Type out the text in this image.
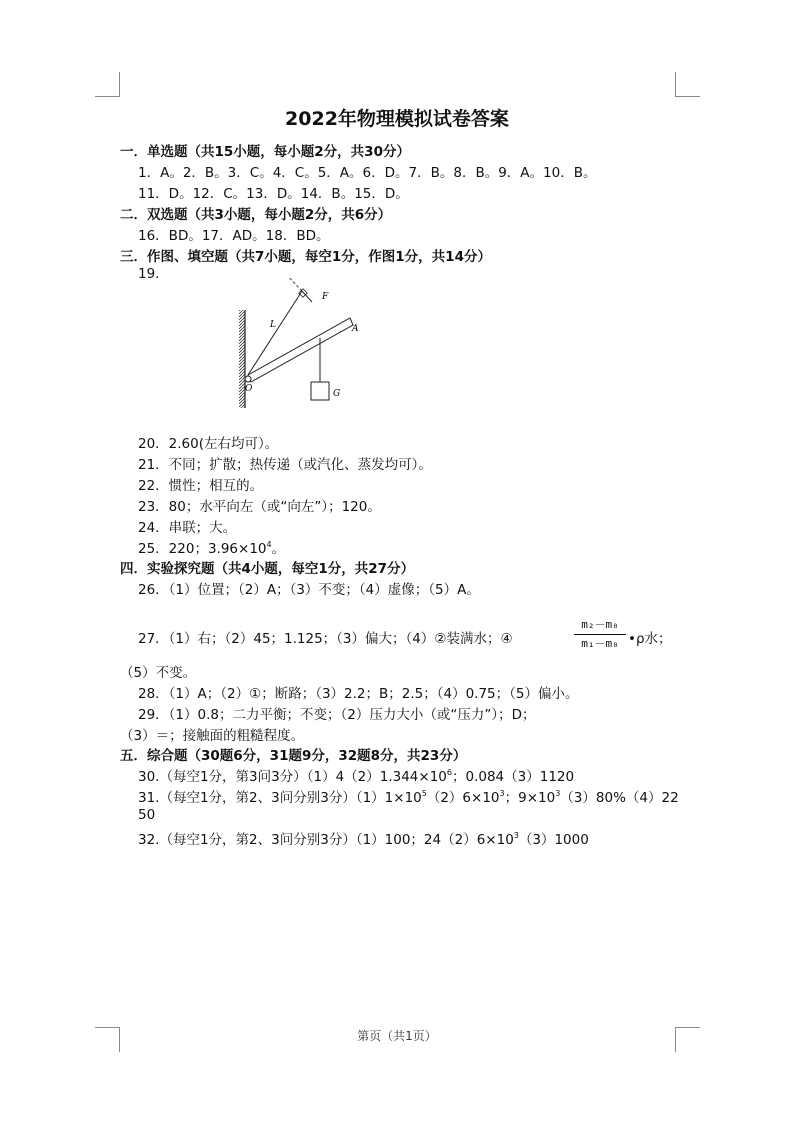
2022年物理模拟试卷答案
一．单选题（共15小题，每小题2分，共30分）
1．A。2．B。3．C。4．C。5．A。6．D。7．B。8．B。9．A。10．B。
11．D。12．C。13．D。14．B。15．D。
二．双选题（共3小题，每小题2分，共6分）
16．BD。17．AD。18．BD。
三．作图、填空题（共7小题，每空1分，作图1分，共14分）
19.
F
L	A
O	G
20．2.60(左右均可）。
21．不同；扩散；热传递（或汽化、蒸发均可）。
22．惯性；相互的。
23．80；水平向左（或“向左”）；120。
24．串联；大。
25．220；$3.96\times 10^4$。
四．实验探究题（共4小题，每空1分，共27分）
26．（1）位置；（2）A；（3）不变；（4）虚像；（5）A。
27．（1）右；（2）45；1.125；（3）偏大；（4）②装满水；④
m₂－m₀
m₁－m₀ •ρ水；
（5）不变。
28．（1）A；（2）①；断路；（3）2.2；B；2.5；（4）0.75；（5）偏小。
29．（1）0.8；二力平衡；不变；（2）压力大小（或“压力”）；D；
（3）＝；接触面的粗糙程度。
五．综合题（30题6分，31题9分，32题8分，共23分）
30.（每空1分，第3问3分）$(1)4(2)1.344\times 10^6$；0.084（3）1120
31.（每空1分，第2、3问分别3分）$(1)1\times 10^5(2)6\times 10^3$；$9\times 10^3(3)80\%(4)22$
50
32.（每空1分，第2、3问分别3分）（1）100；$24(2)6\times 10^3(3)1000$
第页（共1页）
